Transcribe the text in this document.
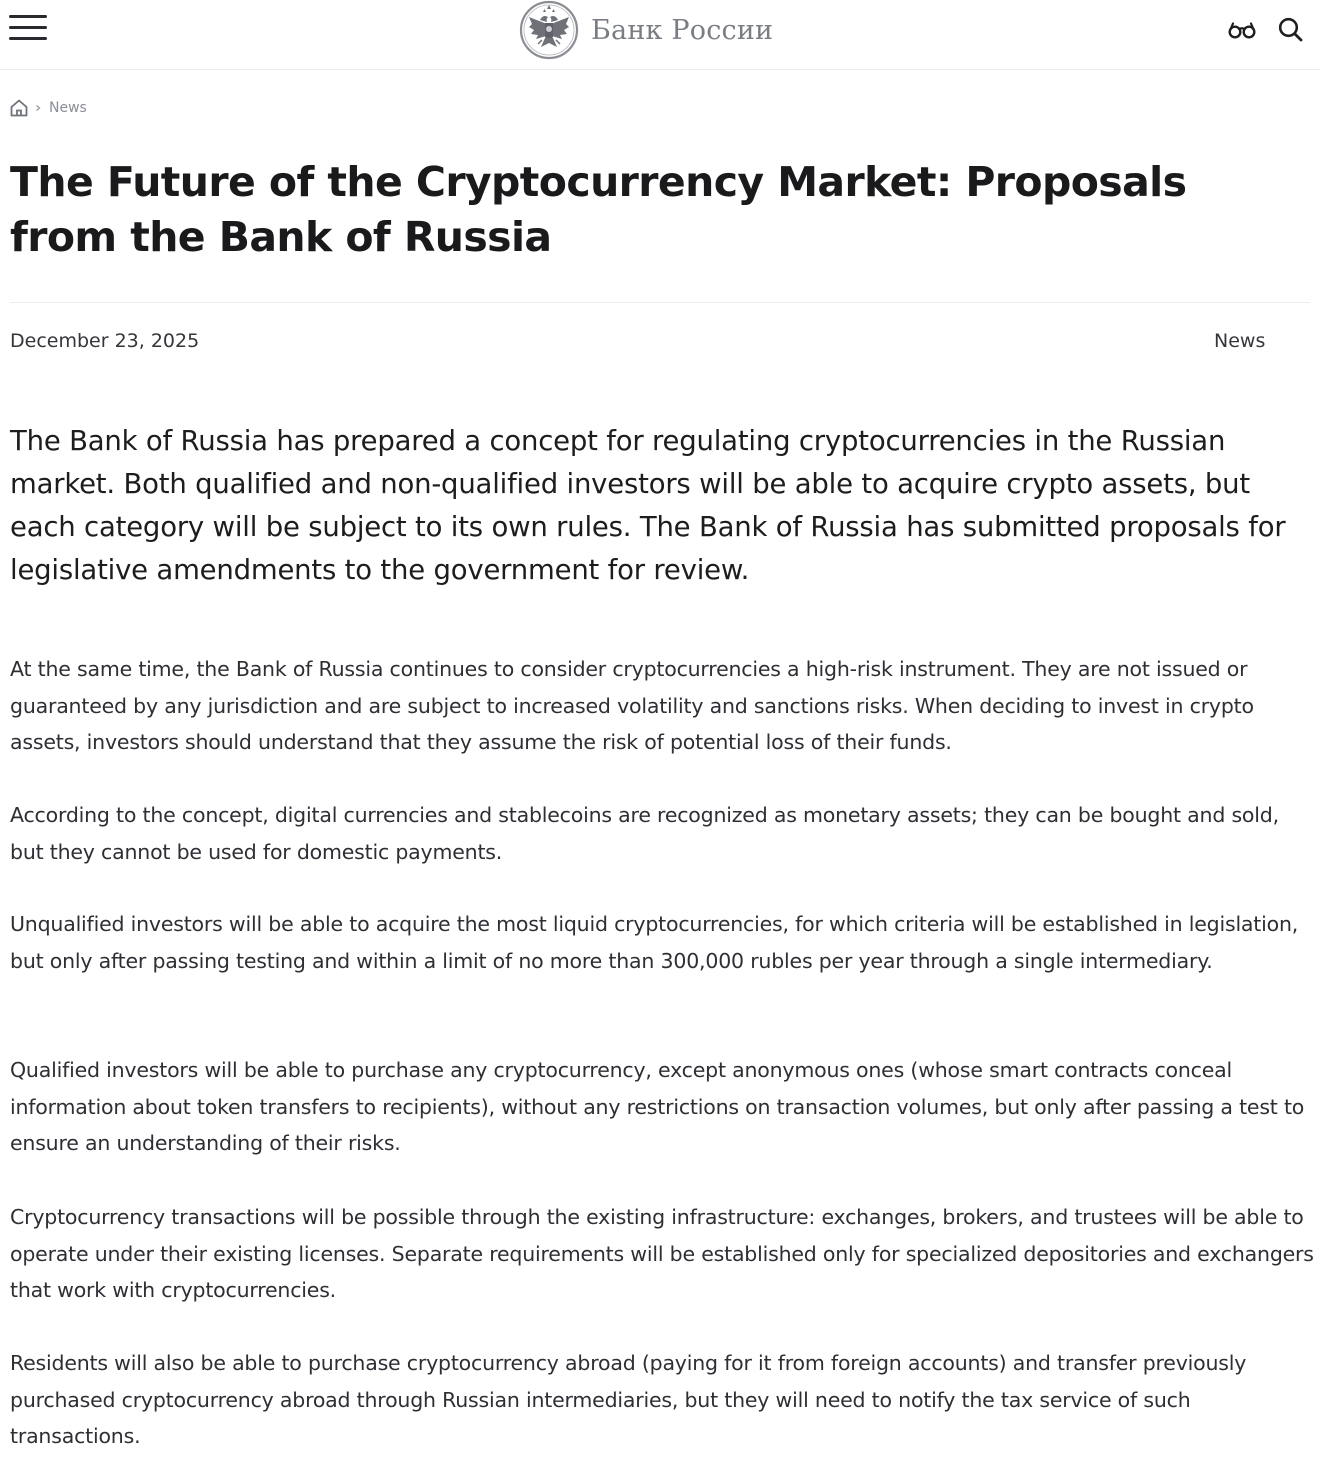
Банк России
News
The Future of the Cryptocurrency Market: Proposals from the Bank of Russia
December 23, 2025	News

The Bank of Russia has prepared a concept for regulating cryptocurrencies in the Russian market. Both qualified and non-qualified investors will be able to acquire crypto assets, but each category will be subject to its own rules. The Bank of Russia has submitted proposals for legislative amendments to the government for review.

At the same time, the Bank of Russia continues to consider cryptocurrencies a high-risk instrument. They are not issued or guaranteed by any jurisdiction and are subject to increased volatility and sanctions risks. When deciding to invest in crypto assets, investors should understand that they assume the risk of potential loss of their funds.

According to the concept, digital currencies and stablecoins are recognized as monetary assets; they can be bought and sold, but they cannot be used for domestic payments.

Unqualified investors will be able to acquire the most liquid cryptocurrencies, for which criteria will be established in legislation, but only after passing testing and within a limit of no more than 300,000 rubles per year through a single intermediary.

Qualified investors will be able to purchase any cryptocurrency, except anonymous ones (whose smart contracts conceal information about token transfers to recipients), without any restrictions on transaction volumes, but only after passing a test to ensure an understanding of their risks.

Cryptocurrency transactions will be possible through the existing infrastructure: exchanges, brokers, and trustees will be able to operate under their existing licenses. Separate requirements will be established only for specialized depositories and exchangers that work with cryptocurrencies.

Residents will also be able to purchase cryptocurrency abroad (paying for it from foreign accounts) and transfer previously purchased cryptocurrency abroad through Russian intermediaries, but they will need to notify the tax service of such transactions.
